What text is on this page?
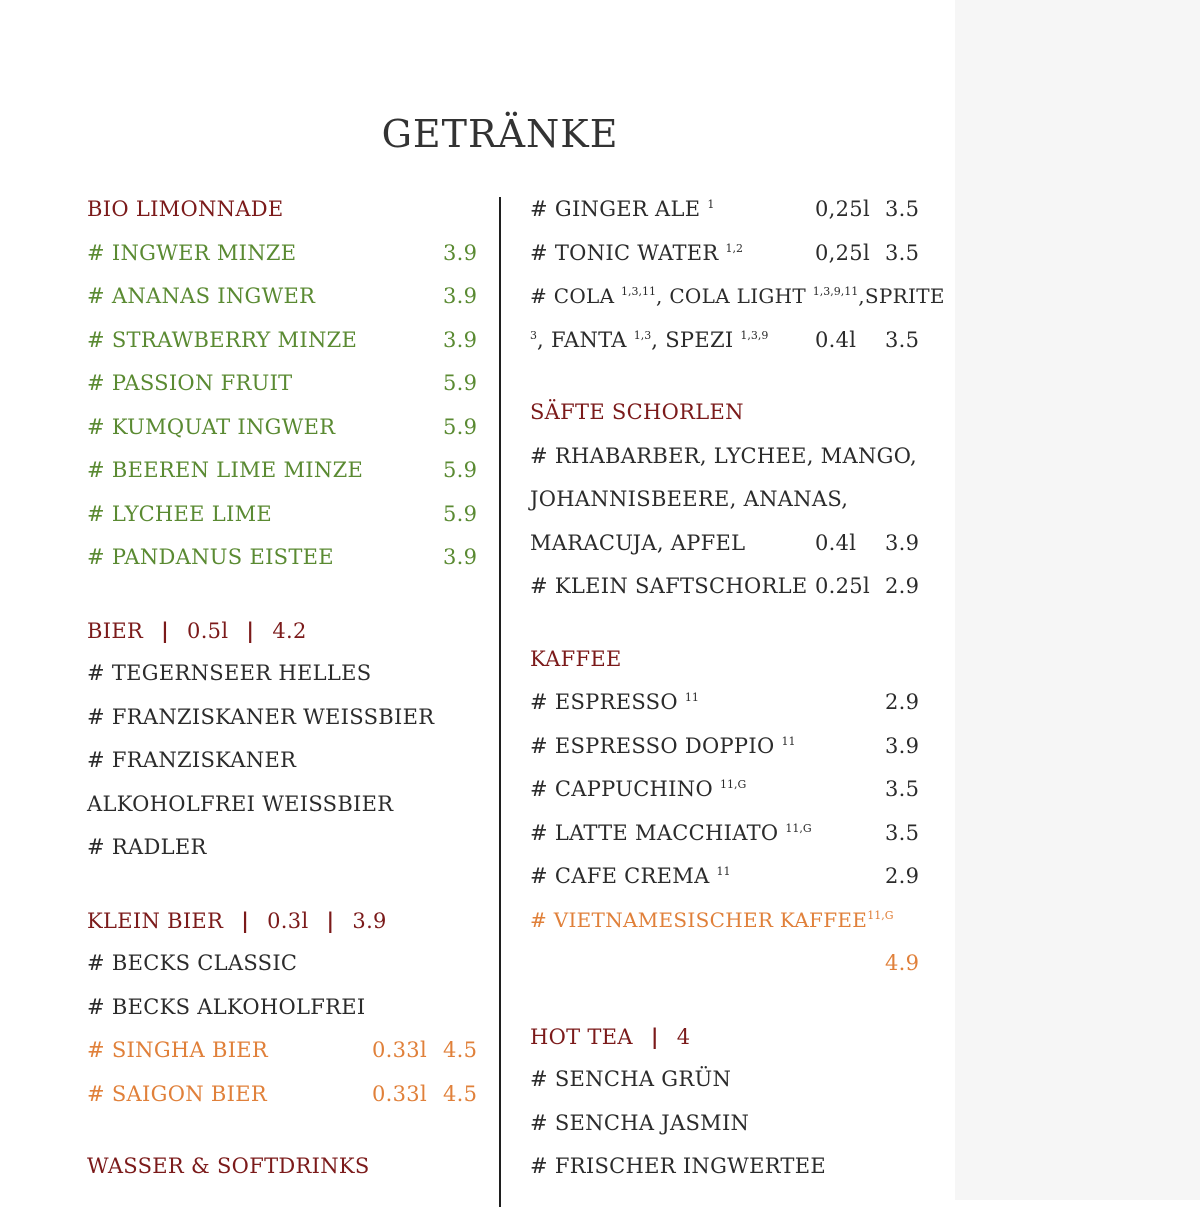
GETRÄNKE
BIO LIMONNADE
# INGWER MINZE	3.9
# ANANAS INGWER	3.9
# STRAWBERRY MINZE	3.9
# PASSION FRUIT	5.9
# KUMQUAT INGWER	5.9
# BEEREN LIME MINZE	5.9
# LYCHEE LIME	5.9
# PANDANUS EISTEE	3.9
BIER | 0.5l | 4.2
# TEGERNSEER HELLES
# FRANZISKANER WEISSBIER
# FRANZISKANER
ALKOHOLFREI WEISSBIER
# RADLER
KLEIN BIER | 0.3l | 3.9
# BECKS CLASSIC
# BECKS ALKOHOLFREI
# SINGHA BIER	0.33l 4.5
# SAIGON BIER	0.33l 4.5
WASSER & SOFTDRINKS
# GINGER ALE $^1$	0,25l 3.5
# TONIC WATER $^{1,2}$	0,25l 3.5
# COLA $^{1,3,11}$, COLA LIGHT $^{1,3,9,11}$,SPRITE
$^3$, FANTA $^{1,3}$, SPEZI $^{1,3,9}$ 0.4l 3.5
SÄFTE SCHORLEN
# RHABARBER, LYCHEE, MANGO,
JOHANNISBEERE, ANANAS,
MARACUJA, APFEL	0.4l 3.9
# KLEIN SAFTSCHORLE 0.25l 2.9
KAFFEE
# ESPRESSO $^{11}$	2.9
# ESPRESSO DOPPIO $^{11}$	3.9
# CAPPUCHINO $^{11,G}$	3.5
# LATTE MACCHIATO $^{11,G}$	3.5
# CAFE CREMA $^{11}$	2.9
# VIETNAMESISCHER $KAFFEE^{11,G}$
4.9
HOT TEA | 4
# SENCHA GRÜN
# SENCHA JASMIN
# FRISCHER INGWERTEE
